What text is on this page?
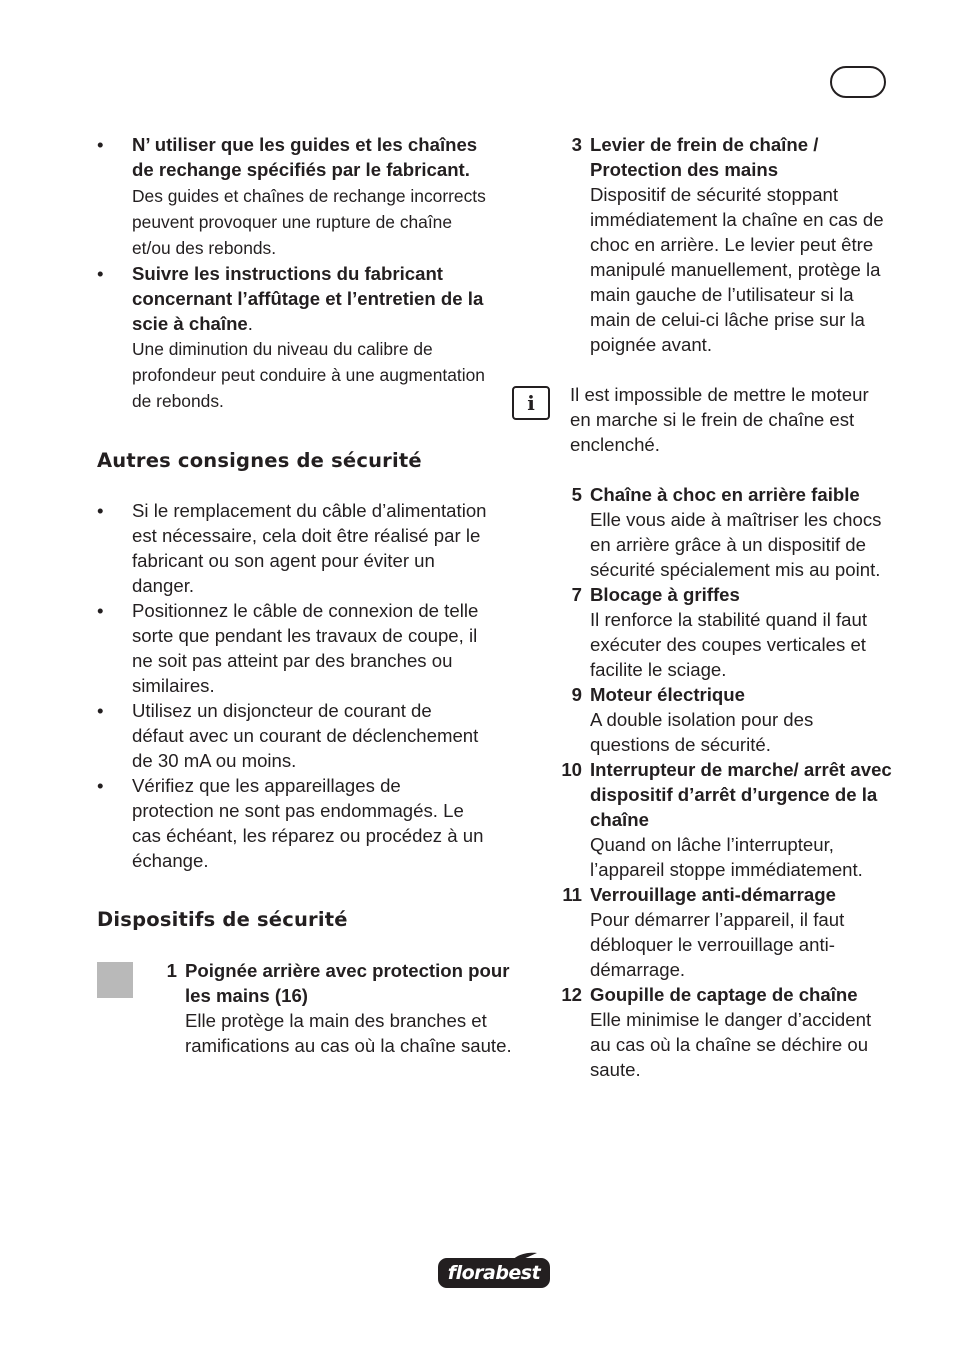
•	N’ utiliser que les guides et les chaînes de rechange spécifiés par le fabricant. Des guides et chaînes de rechange incorrects peuvent provoquer une rupture de chaîne et/ou des rebonds.
•	Suivre les instructions du fabricant concernant l’affûtage et l’entretien de la scie à chaîne.
Une diminution du niveau du calibre de profondeur peut conduire à une augmentation de rebonds.
Autres consignes de sécurité
•	Si le remplacement du câble d’alimentation est nécessaire, cela doit être réalisé par le fabricant ou son agent pour éviter un danger.
•	Positionnez le câble de connexion de telle sorte que pendant les travaux de coupe, il ne soit pas atteint par des branches ou similaires.
•	Utilisez un disjoncteur de courant de défaut avec un courant de déclenchement de 30 mA ou moins.
•	Vérifiez que les appareillages de protection ne sont pas endommagés. Le cas échéant, les réparez ou procédez à un échange.
Dispositifs de sécurité
1 Poignée arrière avec protection pour les mains (16)
Elle protège la main des branches et ramifications au cas où la chaîne saute.
3 Levier de frein de chaîne / Protection des mains
Dispositif de sécurité stoppant immédiatement la chaîne en cas de choc en arrière. Le levier peut être manipulé manuellement, protège la main gauche de l’utilisateur si la main de celui-ci lâche prise sur la poignée avant.
i	Il est impossible de mettre le moteur en marche si le frein de chaîne est enclenché.
5 Chaîne à choc en arrière faible
Elle vous aide à maîtriser les chocs en arrière grâce à un dispositif de sécurité spécialement mis au point.
7 Blocage à griffes
Il renforce la stabilité quand il faut exécuter des coupes verticales et facilite le sciage.
9 Moteur électrique
A double isolation pour des questions de sécurité.
10 Interrupteur de marche/ arrêt avec dispositif d’arrêt d’urgence de la chaîne
Quand on lâche l’interrupteur, l’appareil stoppe immédiatement.
11 Verrouillage anti-démarrage
Pour démarrer l’appareil, il faut débloquer le verrouillage anti-démarrage.
12 Goupille de captage de chaîne
Elle minimise le danger d’accident au cas où la chaîne se déchire ou saute.
florabest
